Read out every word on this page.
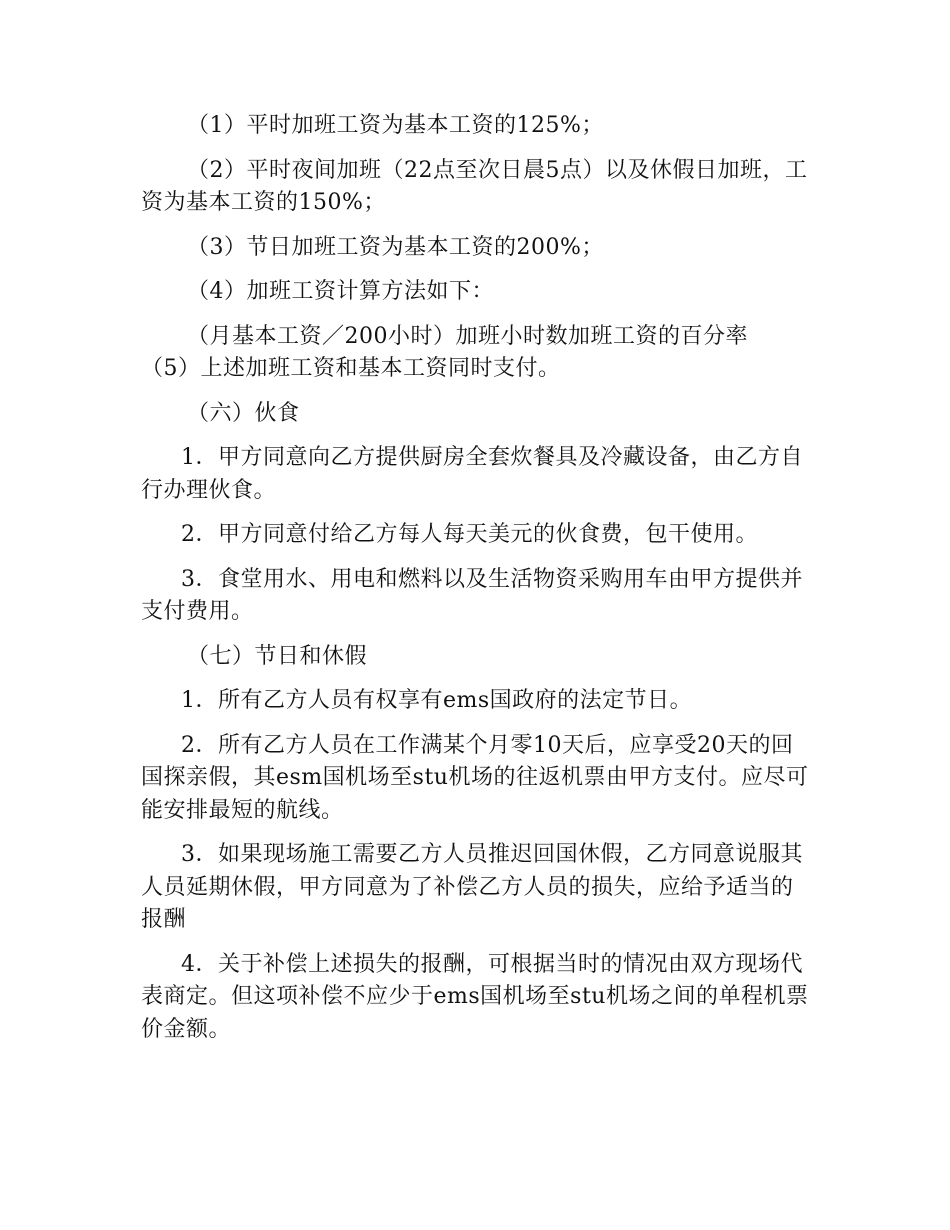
（1）平时加班工资为基本工资的125%；

（2）平时夜间加班（22点至次日晨5点）以及休假日加班，工资为基本工资的150%；

（3）节日加班工资为基本工资的200%；

（4）加班工资计算方法如下：

（月基本工资／200小时）加班小时数加班工资的百分率

（5）上述加班工资和基本工资同时支付。

（六）伙食

1．甲方同意向乙方提供厨房全套炊餐具及冷藏设备，由乙方自行办理伙食。

2．甲方同意付给乙方每人每天美元的伙食费，包干使用。

3．食堂用水、用电和燃料以及生活物资采购用车由甲方提供并支付费用。

（七）节日和休假

1．所有乙方人员有权享有ems国政府的法定节日。

2．所有乙方人员在工作满某个月零10天后，应享受20天的回国探亲假，其esm国机场至stu机场的往返机票由甲方支付。应尽可能安排最短的航线。

3．如果现场施工需要乙方人员推迟回国休假，乙方同意说服其人员延期休假，甲方同意为了补偿乙方人员的损失，应给予适当的报酬

4．关于补偿上述损失的报酬，可根据当时的情况由双方现场代表商定。但这项补偿不应少于ems国机场至stu机场之间的单程机票价金额。
